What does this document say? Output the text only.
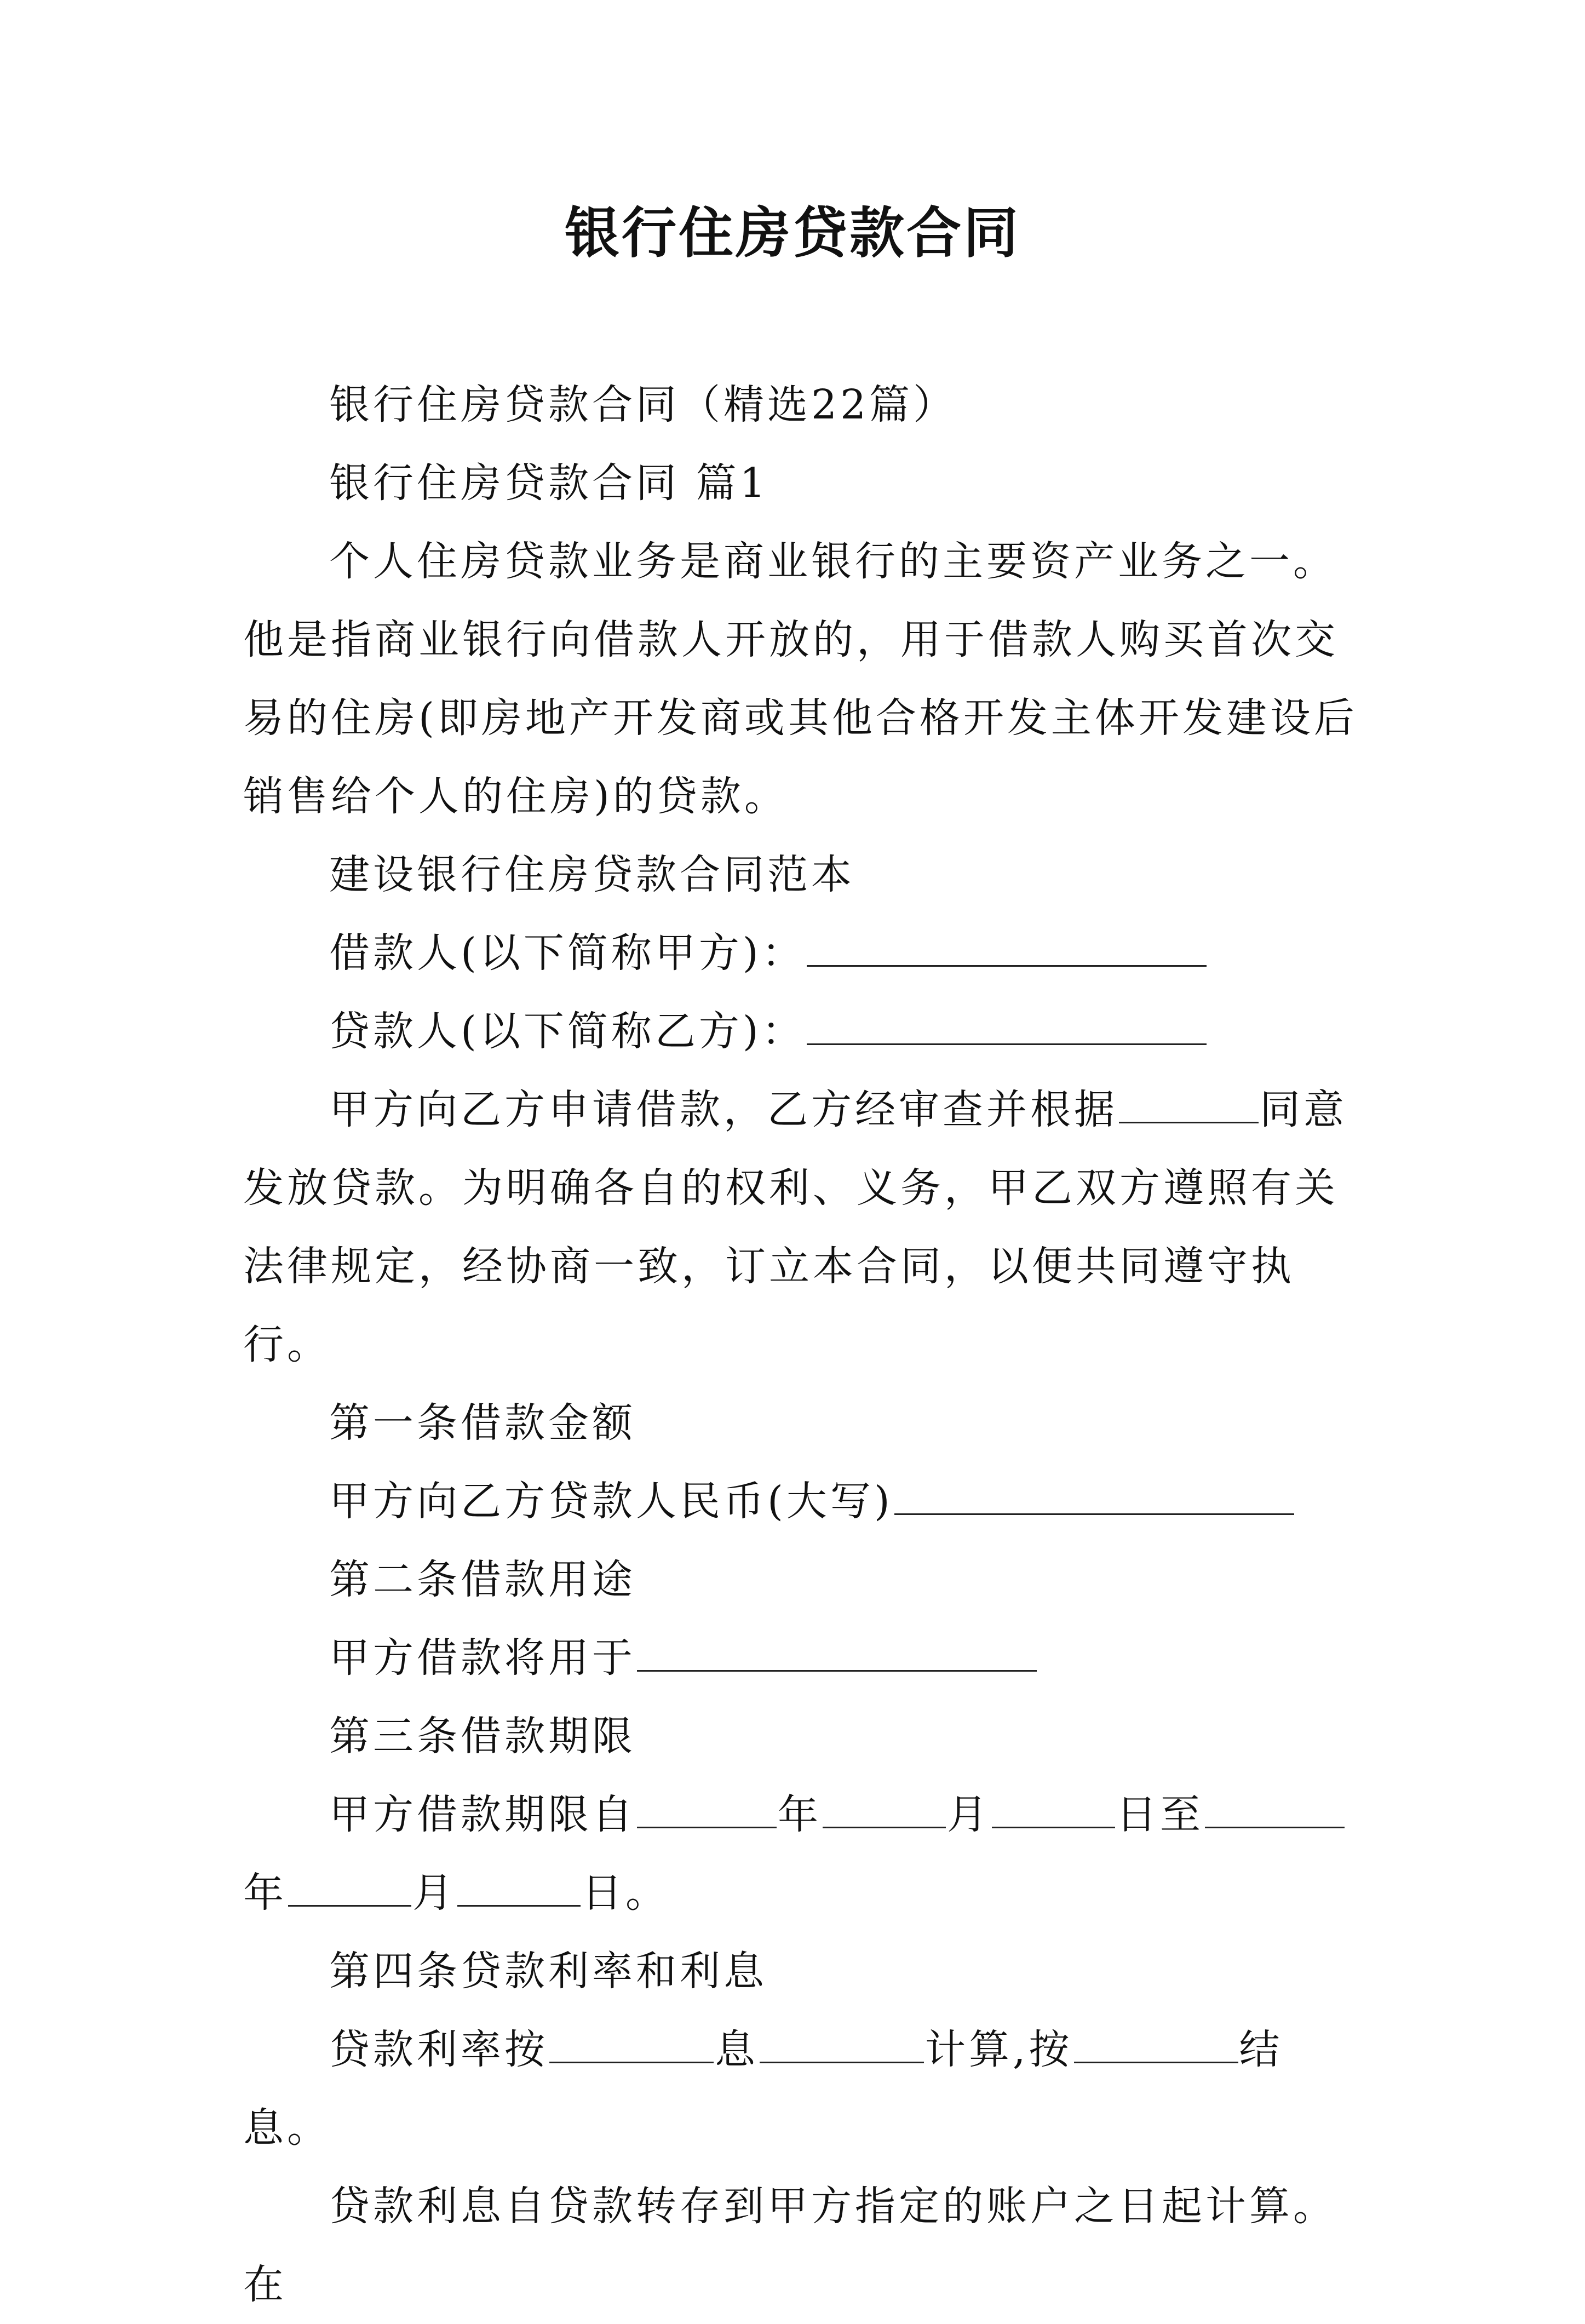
银行住房贷款合同

银行住房贷款合同（精选22篇）

银行住房贷款合同 篇1

个人住房贷款业务是商业银行的主要资产业务之一。他是指商业银行向借款人开放的，用于借款人购买首次交易的住房(即房地产开发商或其他合格开发主体开发建设后销售给个人的住房)的贷款。

建设银行住房贷款合同范本

借款人(以下简称甲方)：

贷款人(以下简称乙方)：

甲方向乙方申请借款，乙方经审查并根据	同意发放贷款。为明确各自的权利、义务，甲乙双方遵照有关法律规定，经协商一致，订立本合同，以便共同遵守执行。

第一条借款金额

甲方向乙方贷款人民币(大写)

第二条借款用途

甲方借款将用于

第三条借款期限

甲方借款期限自	年	月	日至年	月	日。

第四条贷款利率和利息

贷款利率按	息	计算,按	结息。

贷款利息自贷款转存到甲方指定的账户之日起计算。在
